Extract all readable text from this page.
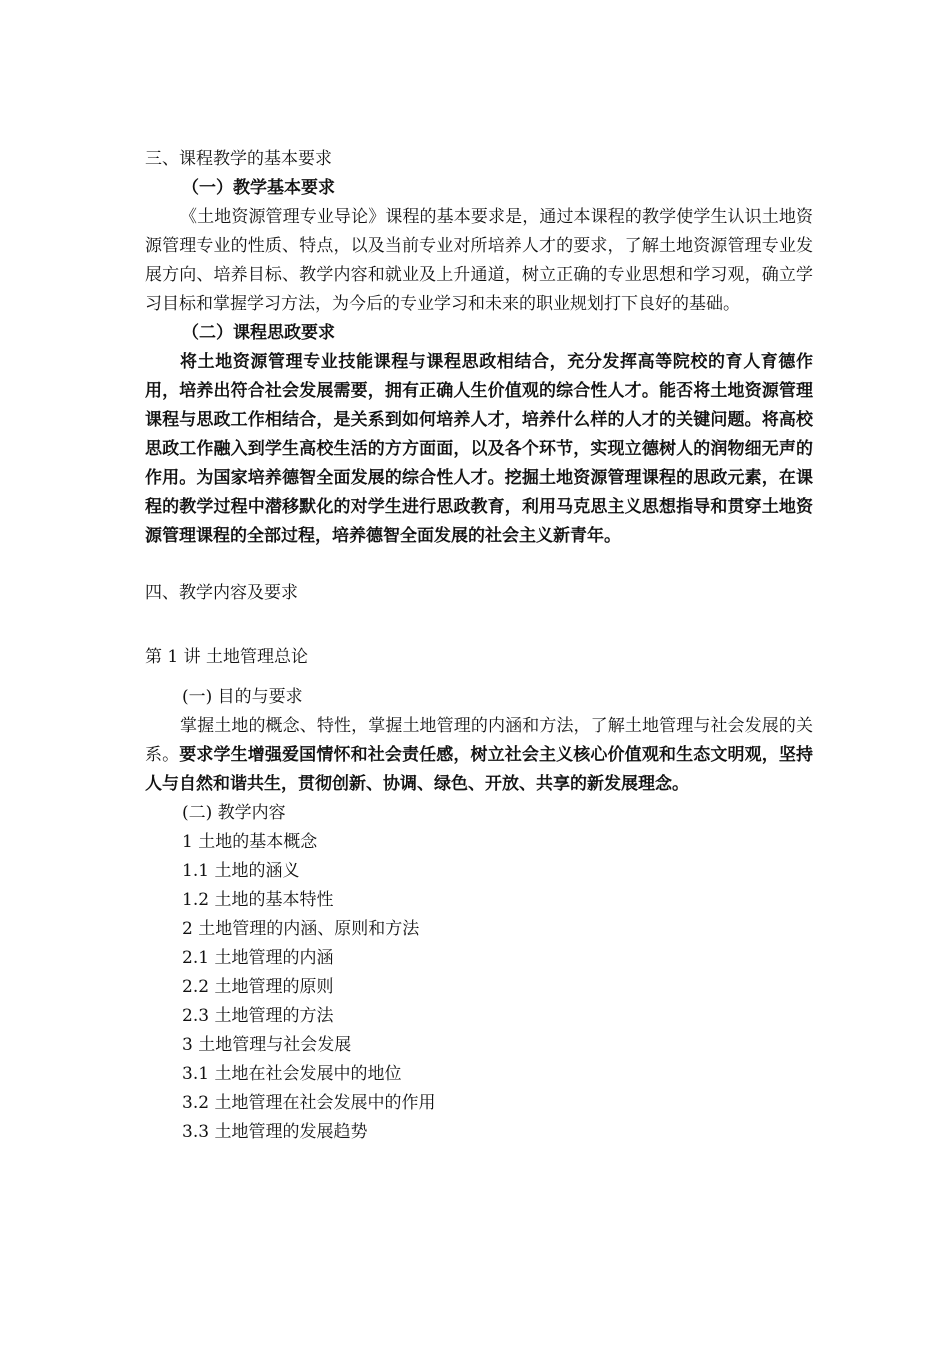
三、课程教学的基本要求
（一）教学基本要求
《土地资源管理专业导论》课程的基本要求是，通过本课程的教学使学生认识土地资源管理专业的性质、特点，以及当前专业对所培养人才的要求，了解土地资源管理专业发展方向、培养目标、教学内容和就业及上升通道，树立正确的专业思想和学习观，确立学习目标和掌握学习方法，为今后的专业学习和未来的职业规划打下良好的基础。
（二）课程思政要求
将土地资源管理专业技能课程与课程思政相结合，充分发挥高等院校的育人育德作用，培养出符合社会发展需要，拥有正确人生价值观的综合性人才。能否将土地资源管理课程与思政工作相结合，是关系到如何培养人才，培养什么样的人才的关键问题。将高校思政工作融入到学生高校生活的方方面面，以及各个环节，实现立德树人的润物细无声的作用。为国家培养德智全面发展的综合性人才。挖掘土地资源管理课程的思政元素，在课程的教学过程中潜移默化的对学生进行思政教育，利用马克思主义思想指导和贯穿土地资源管理课程的全部过程，培养德智全面发展的社会主义新青年。
四、教学内容及要求
第 1 讲 土地管理总论
(一) 目的与要求
掌握土地的概念、特性，掌握土地管理的内涵和方法，了解土地管理与社会发展的关系。要求学生增强爱国情怀和社会责任感，树立社会主义核心价值观和生态文明观，坚持人与自然和谐共生，贯彻创新、协调、绿色、开放、共享的新发展理念。
(二) 教学内容
1 土地的基本概念
1.1 土地的涵义
1.2 土地的基本特性
2 土地管理的内涵、原则和方法
2.1 土地管理的内涵
2.2 土地管理的原则
2.3 土地管理的方法
3 土地管理与社会发展
3.1 土地在社会发展中的地位
3.2 土地管理在社会发展中的作用
3.3 土地管理的发展趋势
